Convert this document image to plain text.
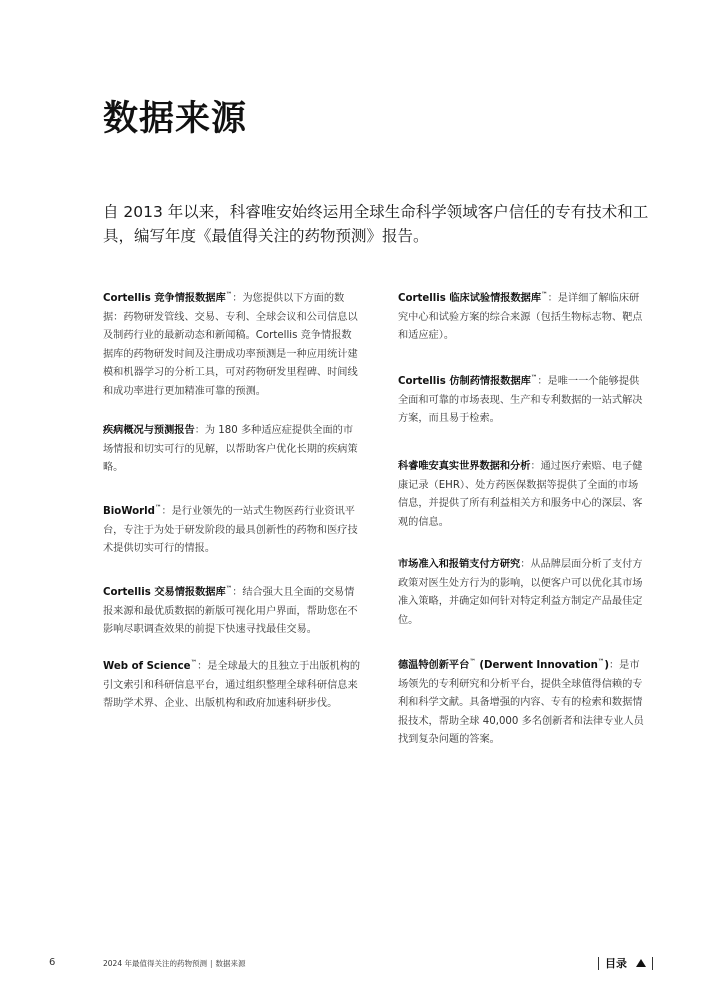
数据来源

自 2013 年以来，科睿唯安始终运用全球生命科学领域客户信任的专有技术和工具，编写年度《最值得关注的药物预测》报告。

Cortellis 竞争情报数据库™：为您提供以下方面的数据：药物研发管线、交易、专利、全球会议和公司信息以及制药行业的最新动态和新闻稿。Cortellis 竞争情报数据库的药物研发时间及注册成功率预测是一种应用统计建模和机器学习的分析工具，可对药物研发里程碑、时间线和成功率进行更加精准可靠的预测。

疾病概况与预测报告：为 180 多种适应症提供全面的市场情报和切实可行的见解，以帮助客户优化长期的疾病策略。

BioWorld™：是行业领先的一站式生物医药行业资讯平台，专注于为处于研发阶段的最具创新性的药物和医疗技术提供切实可行的情报。

Cortellis 交易情报数据库™：结合强大且全面的交易情报来源和最优质数据的新版可视化用户界面，帮助您在不影响尽职调查效果的前提下快速寻找最佳交易。

Web of Science™：是全球最大的且独立于出版机构的引文索引和科研信息平台，通过组织整理全球科研信息来帮助学术界、企业、出版机构和政府加速科研步伐。

Cortellis 临床试验情报数据库™：是详细了解临床研究中心和试验方案的综合来源（包括生物标志物、靶点和适应症）。

Cortellis 仿制药情报数据库™：是唯一一个能够提供全面和可靠的市场表现、生产和专利数据的一站式解决方案，而且易于检索。

科睿唯安真实世界数据和分析：通过医疗索赔、电子健康记录（EHR）、处方药医保数据等提供了全面的市场信息，并提供了所有利益相关方和服务中心的深层、客观的信息。

市场准入和报销支付方研究：从品牌层面分析了支付方政策对医生处方行为的影响，以便客户可以优化其市场准入策略，并确定如何针对特定利益方制定产品最佳定位。

德温特创新平台™ (Derwent Innovation™)：是市场领先的专利研究和分析平台，提供全球值得信赖的专利和科学文献。具备增强的内容、专有的检索和数据情报技术，帮助全球 40,000 多名创新者和法律专业人员找到复杂问题的答案。

6	2024 年最值得关注的药物预测 | 数据来源	目录
